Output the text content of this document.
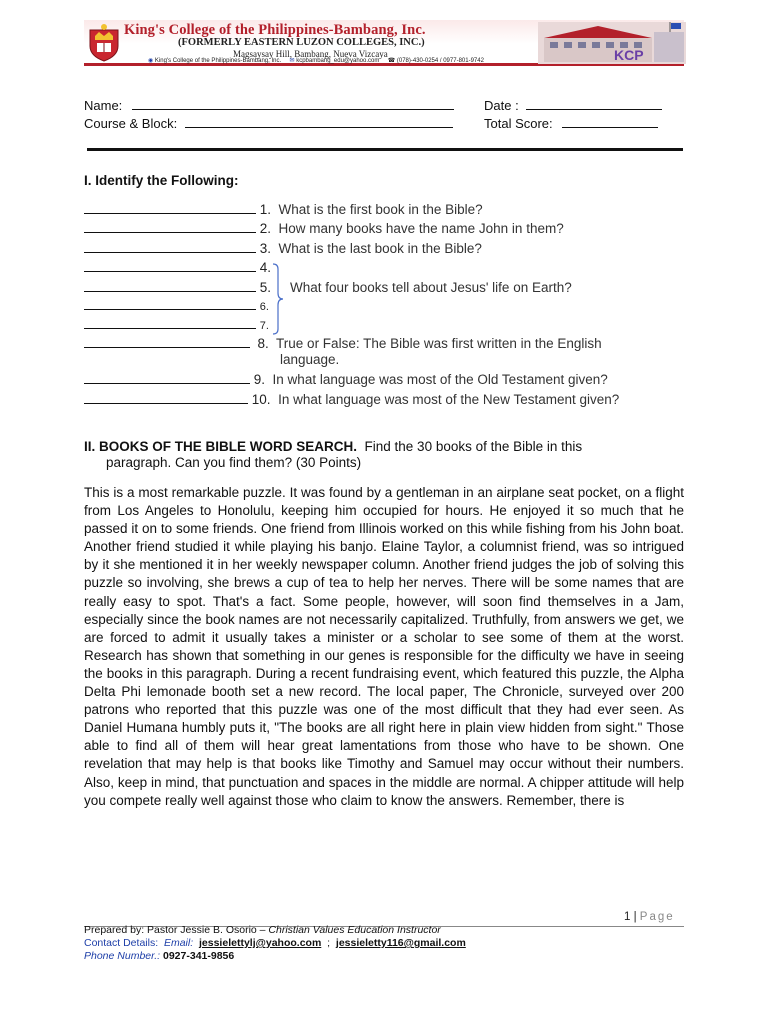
King's College of the Philippines-Bambang, Inc.
(FORMERLY EASTERN LUZON COLLEGES, INC.)
Magsaysay Hill, Bambang, Nueva Vizcaya
◉ King's College of the Philippines-Bambang, Inc. ✉ kcpbambang_edu@yahoo.com ☎ (078)-430-0254 / 0977-801-9742	KCP
Name:	Date :
Course & Block:	Total Score:
I. Identify the Following:
1. What is the first book in the Bible?
2. How many books have the name John in them?
3. What is the last book in the Bible?
4.
5.
6.
7.
What four books tell about Jesus' life on Earth?
8. True or False: The Bible was first written in the English
language.
9. In what language was most of the Old Testament given?
10. In what language was most of the New Testament given?
II. BOOKS OF THE BIBLE WORD SEARCH. Find the 30 books of the Bible in this
paragraph. Can you find them? (30 Points)
This is a most remarkable puzzle. It was found by a gentleman in an airplane seat pocket, on a flight from Los Angeles to Honolulu, keeping him occupied for hours. He enjoyed it so much that he passed it on to some friends. One friend from Illinois worked on this while fishing from his John boat. Another friend studied it while playing his banjo. Elaine Taylor, a columnist friend, was so intrigued by it she mentioned it in her weekly newspaper column. Another friend judges the job of solving this puzzle so involving, she brews a cup of tea to help her nerves. There will be some names that are really easy to spot. That's a fact. Some people, however, will soon find themselves in a Jam, especially since the book names are not necessarily capitalized. Truthfully, from answers we get, we are forced to admit it usually takes a minister or a scholar to see some of them at the worst. Research has shown that something in our genes is responsible for the difficulty we have in seeing the books in this paragraph. During a recent fundraising event, which featured this puzzle, the Alpha Delta Phi lemonade booth set a new record. The local paper, The Chronicle, surveyed over 200 patrons who reported that this puzzle was one of the most difficult that they had ever seen. As Daniel Humana humbly puts it, "The books are all right here in plain view hidden from sight." Those able to find all of them will hear great lamentations from those who have to be shown. One revelation that may help is that books like Timothy and Samuel may occur without their numbers. Also, keep in mind, that punctuation and spaces in the middle are normal. A chipper attitude will help you compete really well against those who claim to know the answers. Remember, there is
1 | Page
Prepared by: Pastor Jessie B. Osorio – Christian Values Education Instructor
Contact Details: Email: jessielettylj@yahoo.com ; jessieletty116@gmail.com
Phone Number.: 0927-341-9856
